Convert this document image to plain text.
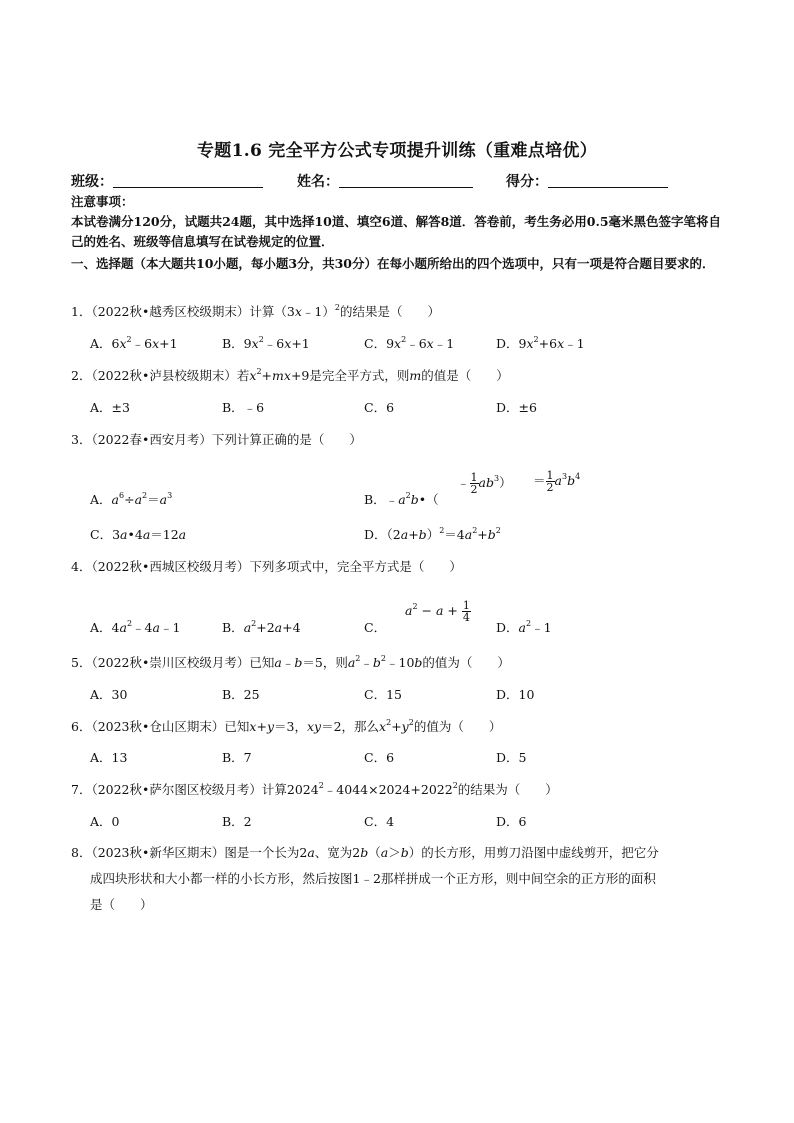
专题1.6 完全平方公式专项提升训练（重难点培优）
班级：	姓名：	得分：
注意事项：
本试卷满分120分，试题共24题，其中选择10道、填空6道、解答8道．答卷前，考生务必用0.5毫米黑色签字笔将自己的姓名、班级等信息填写在试卷规定的位置．
一、选择题（本大题共10小题，每小题3分，共30分）在每小题所给出的四个选项中，只有一项是符合题目要求的．
1．（2022秋•越秀区校级期末）计算（3x﹣1）$^2$的结果是（　　）
A．$6x^2﹣6x+1$	B．$9x^2﹣6x+1$	C．$9x^2﹣6x﹣1$	D．$9x^2+6x﹣1$
2．（2022秋•泸县校级期末）若$x^2+mx+9$是完全平方式，则m的值是（　　）
A．±3	B．﹣6	C．6	D．±6
3．（2022春•西安月考）下列计算正确的是（　　）
A．$a^6\div a^2=a^3$	B．$﹣a^2b•$（
﹣ $\frac{1}{2} ab^3) = \frac{1}{2} a^3b^4$
C．3a•4a＝12a	D．$(2a+b)^2=4a^2+b^2$
4．（2022秋•西城区校级月考）下列多项式中，完全平方式是（　　）
A．$4a^2﹣4a﹣1$	B．$a^2+2a+4$	C．	D．$a^2﹣1$
$a^2 - a + \frac{1}{4}$
5．（2022秋•崇川区校级月考）已知a﹣b＝5，则$a^2﹣b^2﹣10b$的值为（　　）
A．30	B．25	C．15	D．10
6．（2023秋•仓山区期末）已知x+y＝3，xy＝2，那么$x^2+y^2$的值为（　　）
A．13	B．7	C．6	D．5
7．（2022秋•萨尔图区校级月考）计算$2024^2﹣4044\times 2024+2022^2$的结果为（　　）
A．0	B．2	C．4	D．6
8．（2023秋•新华区期末）图是一个长为2a、宽为2b（a＞b）的长方形，用剪刀沿图中虚线剪开，把它分
成四块形状和大小都一样的小长方形，然后按图1﹣2那样拼成一个正方形，则中间空余的正方形的面积
是（　　）
